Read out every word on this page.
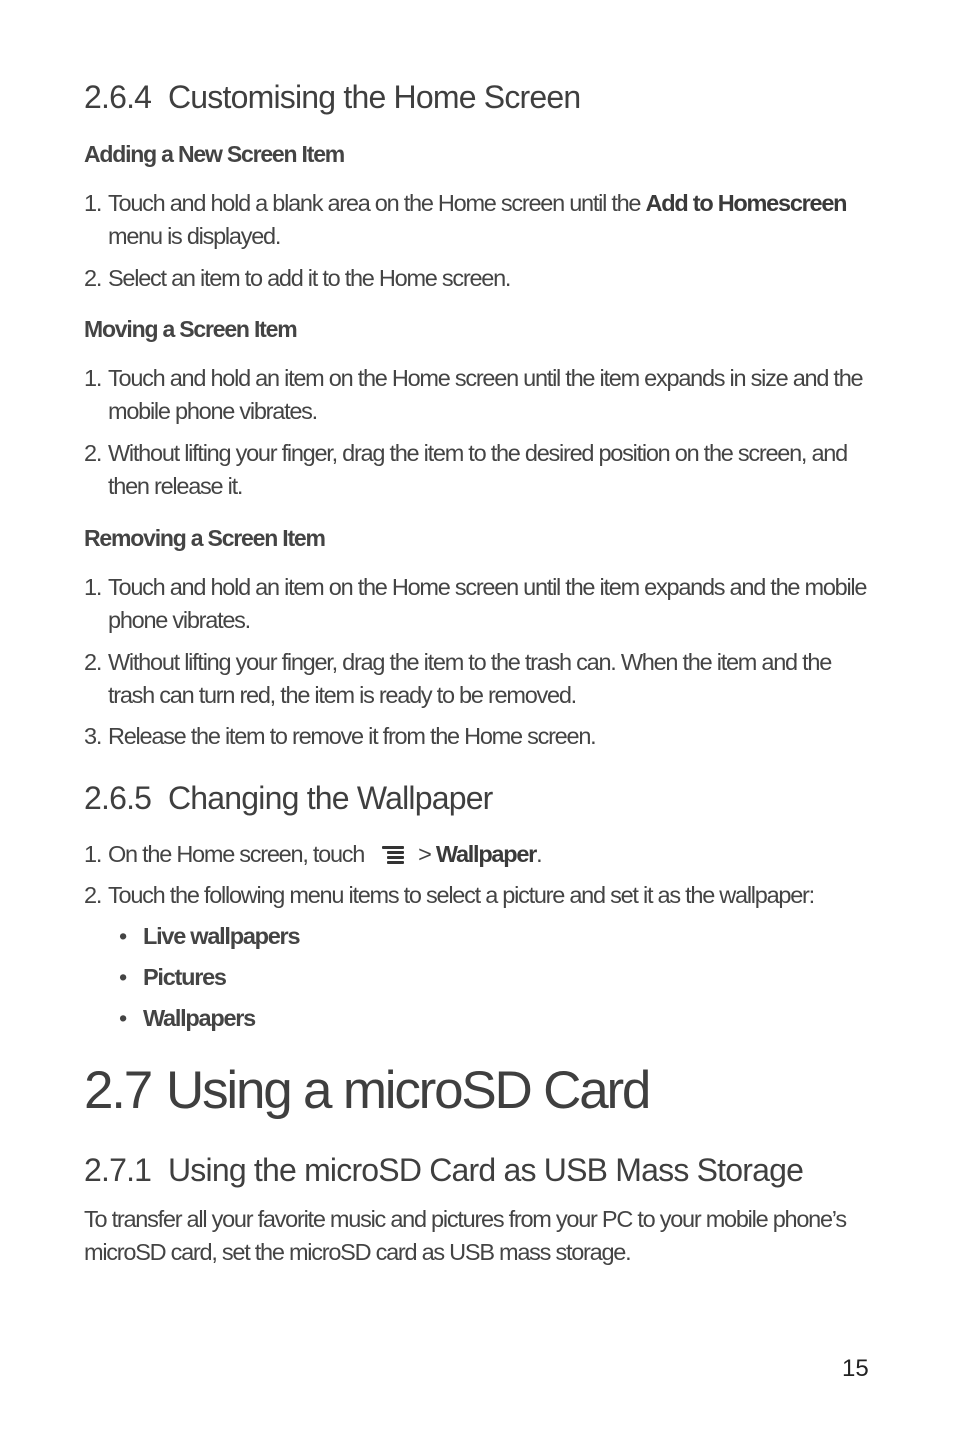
2.6.4 Customising the Home Screen
Adding a New Screen Item
1. Touch and hold a blank area on the Home screen until the Add to Homescreen menu is displayed.
2. Select an item to add it to the Home screen.
Moving a Screen Item
1. Touch and hold an item on the Home screen until the item expands in size and the mobile phone vibrates.
2. Without lifting your finger, drag the item to the desired position on the screen, and then release it.
Removing a Screen Item
1. Touch and hold an item on the Home screen until the item expands and the mobile phone vibrates.
2. Without lifting your finger, drag the item to the trash can. When the item and the trash can turn red, the item is ready to be removed.
3. Release the item to remove it from the Home screen.
2.6.5 Changing the Wallpaper
1. On the Home screen, touch > Wallpaper.
2. Touch the following menu items to select a picture and set it as the wallpaper:
• Live wallpapers
• Pictures
• Wallpapers
2.7 Using a microSD Card
2.7.1 Using the microSD Card as USB Mass Storage
To transfer all your favorite music and pictures from your PC to your mobile phone’s microSD card, set the microSD card as USB mass storage.
15
